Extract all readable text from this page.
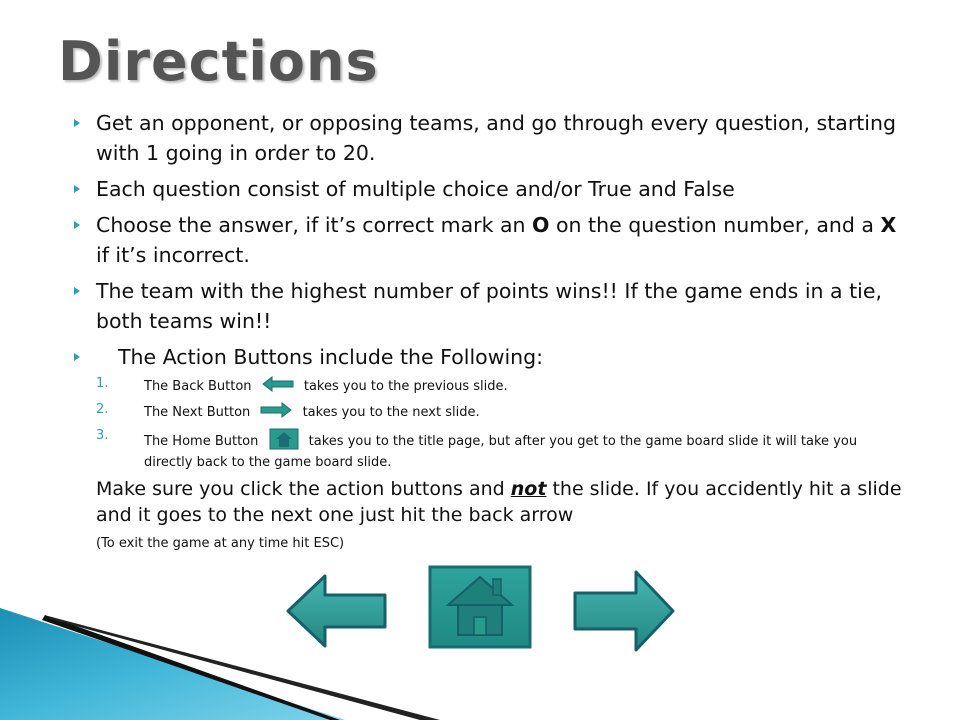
Directions
Get an opponent, or opposing teams, and go through every question, starting with 1 going in order to 20.
Each question consist of multiple choice and/or True and False
Choose the answer, if it’s correct mark an O on the question number, and a X if it’s incorrect.
The team with the highest number of points wins!! If the game ends in a tie, both teams win!!
The Action Buttons include the Following:
1.	The Back Button	takes you to the previous slide.
2.	The Next Button	takes you to the next slide.
3.	The Home Button	takes you to the title page, but after you get to the game board slide it will take you directly back to the game board slide.
Make sure you click the action buttons and not the slide. If you accidently hit a slide and it goes to the next one just hit the back arrow
(To exit the game at any time hit ESC)
